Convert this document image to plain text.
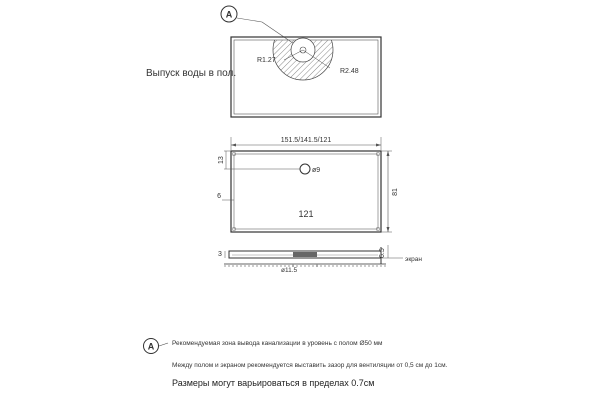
A
R1.27
R2.48
151.5/141.5/121
ø9
121
13
6
81
3	6.5
экран
ø11.5
A
Выпуск воды в пол.
Рекомендуемая зона вывода канализации в уровень с полом Ø50 мм
Между полом и экраном рекомендуется выставить зазор для вентиляции от 0,5 см до 1см.
Размеры могут варьироваться в пределах 0.7см
